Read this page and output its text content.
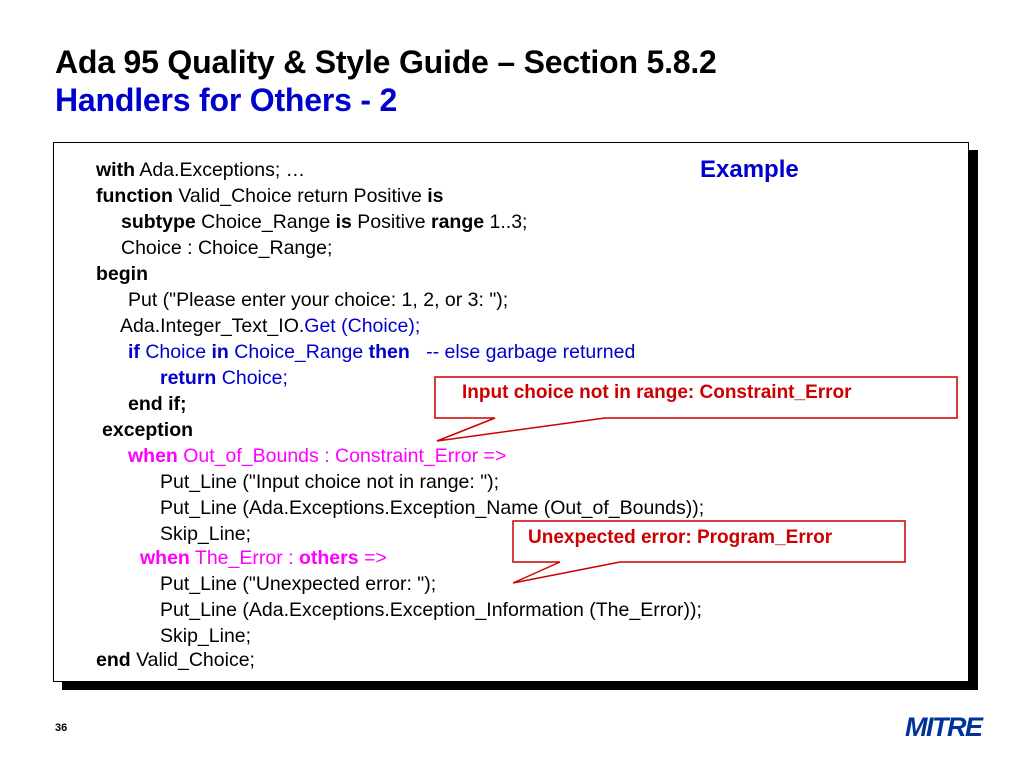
Ada 95 Quality & Style Guide – Section 5.8.2
Handlers for Others - 2
Example
with Ada.Exceptions; …
function Valid_Choice return Positive is
subtype Choice_Range is Positive range 1..3;
Choice : Choice_Range;
begin
Put ("Please enter your choice: 1, 2, or 3: ");
Ada.Integer_Text_IO.Get (Choice);
if Choice in Choice_Range then   -- else garbage returned
return Choice;
end if;
exception
when Out_of_Bounds : Constraint_Error =>
Put_Line ("Input choice not in range: ");
Put_Line (Ada.Exceptions.Exception_Name (Out_of_Bounds));
Skip_Line;
when The_Error : others =>
Put_Line ("Unexpected error: ");
Put_Line (Ada.Exceptions.Exception_Information (The_Error));
Skip_Line;
end Valid_Choice;
Input choice not in range: Constraint_Error
Unexpected error: Program_Error
36	MITRE
